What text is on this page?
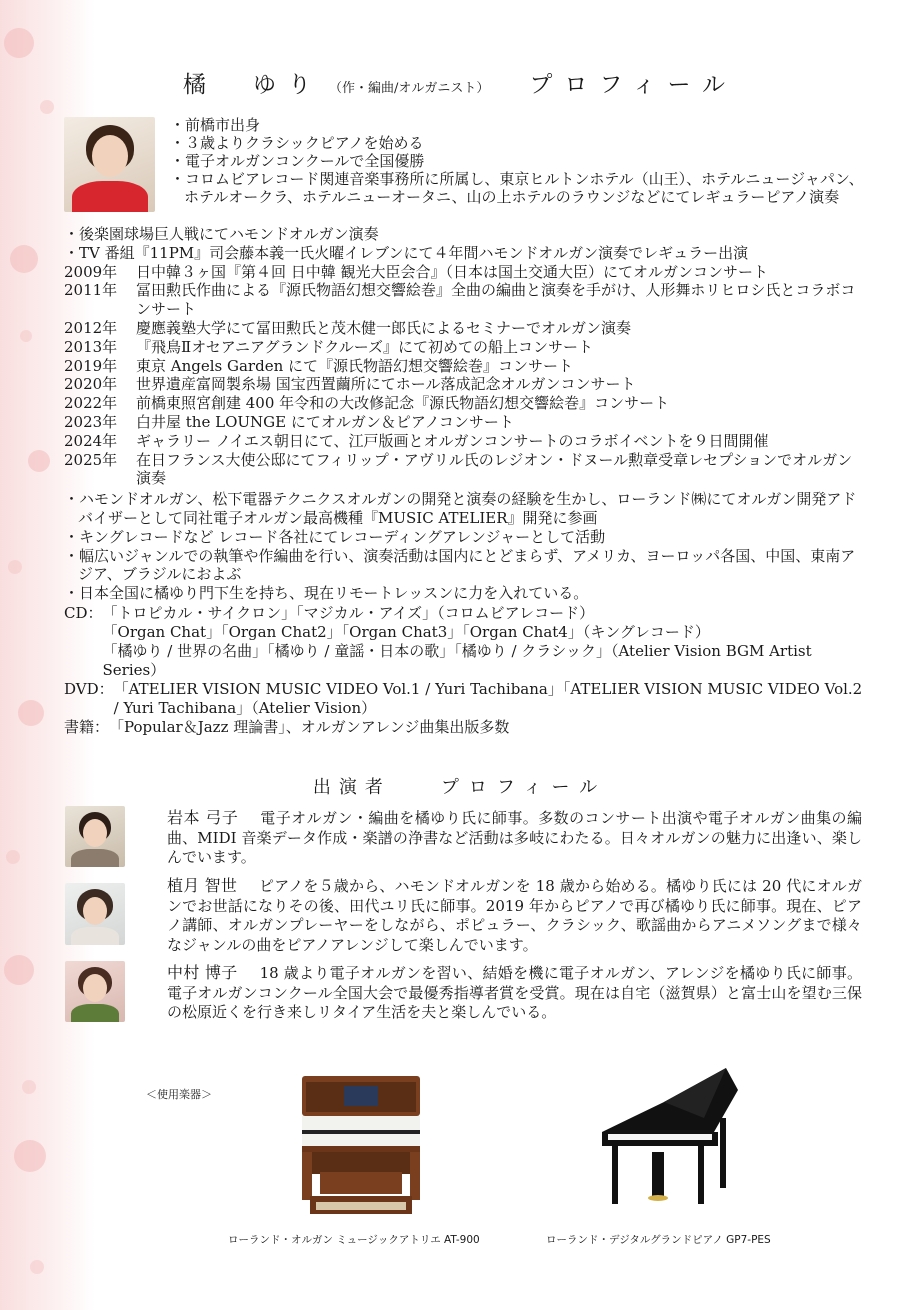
橘　ゆり （作・編曲/オルガニスト） プロフィール
・ 前橋市出身
・ ３歳よりクラシックピアノを始める
・ 電子オルガンコンクールで全国優勝
・ コロムビアレコード関連音楽事務所に所属し、東京ヒルトンホテル（山王）、ホテルニュージャパン、ホテルオークラ、ホテルニューオータニ、山の上ホテルのラウンジなどにてレギュラーピアノ演奏
・ 後楽園球場巨人戦にてハモンドオルガン演奏
・ TV 番組『11PM』司会藤本義一氏火曜イレブンにて４年間ハモンドオルガン演奏でレギュラー出演
2009年	日中韓３ヶ国『第４回 日中韓 観光大臣会合』（日本は国土交通大臣）にてオルガンコンサート
2011年	冨田勲氏作曲による『源氏物語幻想交響絵巻』全曲の編曲と演奏を手がけ、人形舞ホリヒロシ氏とコラボコンサート
2012年	慶應義塾大学にて冨田勲氏と茂木健一郎氏によるセミナーでオルガン演奏
2013年	『飛鳥Ⅱオセアニアグランドクルーズ』にて初めての船上コンサート
2019年	東京 Angels Garden にて『源氏物語幻想交響絵巻』コンサート
2020年	世界遺産富岡製糸場 国宝西置繭所にてホール落成記念オルガンコンサート
2022年	前橋東照宮創建 400 年令和の大改修記念『源氏物語幻想交響絵巻』コンサート
2023年	白井屋 the LOUNGE にてオルガン＆ピアノコンサート
2024年	ギャラリー ノイエス朝日にて、江戸版画とオルガンコンサートのコラボイベントを９日間開催
2025年	在日フランス大使公邸にてフィリップ・アヴリル氏のレジオン・ドヌール勲章受章レセプションでオルガン演奏
・ ハモンドオルガン、松下電器テクニクスオルガンの開発と演奏の経験を生かし、ローランド㈱にてオルガン開発アドバイザーとして同社電子オルガン最高機種『MUSIC ATELIER』開発に参画
・ キングレコードなど レコード各社にてレコーディングアレンジャーとして活動
・ 幅広いジャンルでの執筆や作編曲を行い、演奏活動は国内にとどまらず、アメリカ、ヨーロッパ各国、中国、東南アジア、ブラジルにおよぶ
・ 日本全国に橘ゆり門下生を持ち、現在リモートレッスンに力を入れている。
CD： 「トロピカル・サイクロン」「マジカル・アイズ」（コロムビアレコード）
「Organ Chat」「Organ Chat2」「Organ Chat3」「Organ Chat4」（キングレコード）
「橘ゆり / 世界の名曲」「橘ゆり / 童謡・日本の歌」「橘ゆり / クラシック」（Atelier Vision BGM Artist Series）
DVD： 「ATELIER VISION MUSIC VIDEO Vol.1 / Yuri Tachibana」「ATELIER VISION MUSIC VIDEO Vol.2 / Yuri Tachibana」（Atelier Vision）
書籍： 「Popular＆Jazz 理論書」、オルガンアレンジ曲集出版多数
出演者	プロフィール
岩本 弓子 電子オルガン・編曲を橘ゆり氏に師事。多数のコンサート出演や電子オルガン曲集の編曲、MIDI 音楽データ作成・楽譜の浄書など活動は多岐にわたる。日々オルガンの魅力に出逢い、楽しんでいます。
植月 智世 ピアノを５歳から、ハモンドオルガンを 18 歳から始める。橘ゆり氏には 20 代にオルガンでお世話になりその後、田代ユリ氏に師事。2019 年からピアノで再び橘ゆり氏に師事。現在、ピアノ講師、オルガンプレーヤーをしながら、ポピュラー、クラシック、歌謡曲からアニメソングまで様々なジャンルの曲をピアノアレンジして楽しんでいます。
中村 博子 18 歳より電子オルガンを習い、結婚を機に電子オルガン、アレンジを橘ゆり氏に師事。電子オルガンコンクール全国大会で最優秀指導者賞を受賞。現在は自宅（滋賀県）と富士山を望む三保の松原近くを行き来しリタイア生活を夫と楽しんでいる。
＜使用楽器＞
ローランド・オルガン ミュージックアトリエ AT-900	ローランド・デジタルグランドピアノ GP7-PES
